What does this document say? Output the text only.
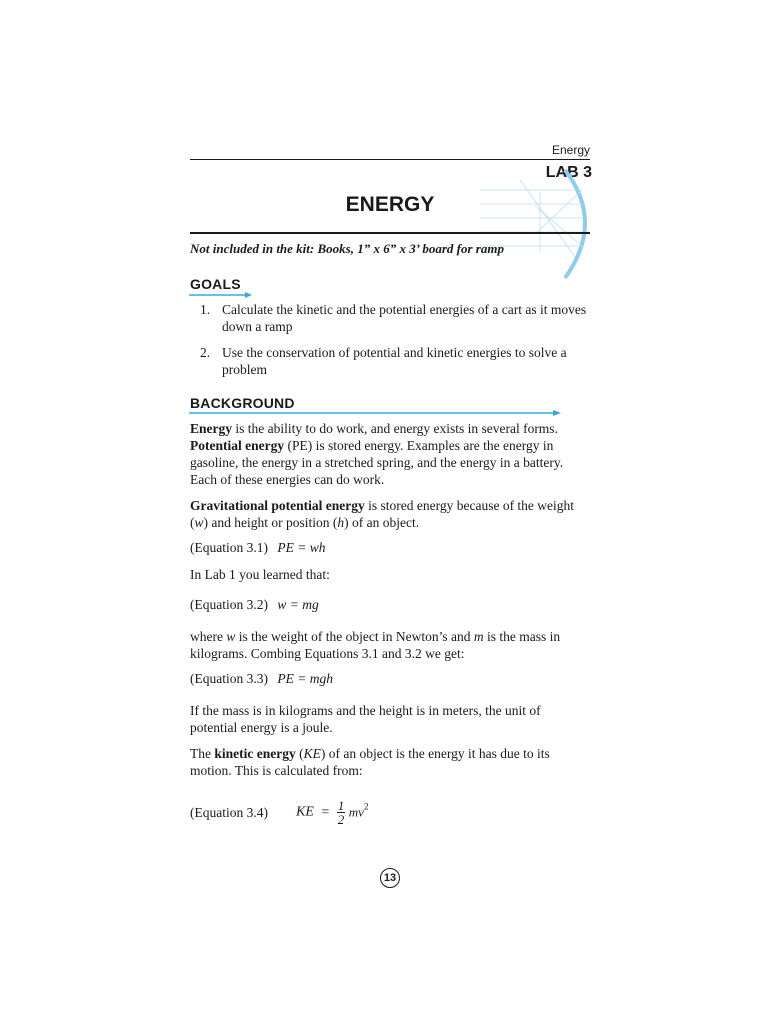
Energy
LAB 3
ENERGY
Not included in the kit: Books, 1” x 6” x 3’ board for ramp
GOALS
1. Calculate the kinetic and the potential energies of a cart as it moves down a ramp
2. Use the conservation of potential and kinetic energies to solve a problem
BACKGROUND
Energy is the ability to do work, and energy exists in several forms. Potential energy (PE) is stored energy. Examples are the energy in gasoline, the energy in a stretched spring, and the energy in a battery. Each of these energies can do work.
Gravitational potential energy is stored energy because of the weight (w) and height or position (h) of an object.
(Equation 3.1) PE = wh
In Lab 1 you learned that:
(Equation 3.2) w = mg
where w is the weight of the object in Newton’s and m is the mass in kilograms. Combing Equations 3.1 and 3.2 we get:
(Equation 3.3) PE = mgh
If the mass is in kilograms and the height is in meters, the unit of potential energy is a joule.
The kinetic energy (KE) of an object is the energy it has due to its motion. This is calculated from:
(Equation 3.4) KE = $\frac{1}{2} mv^2$
13
